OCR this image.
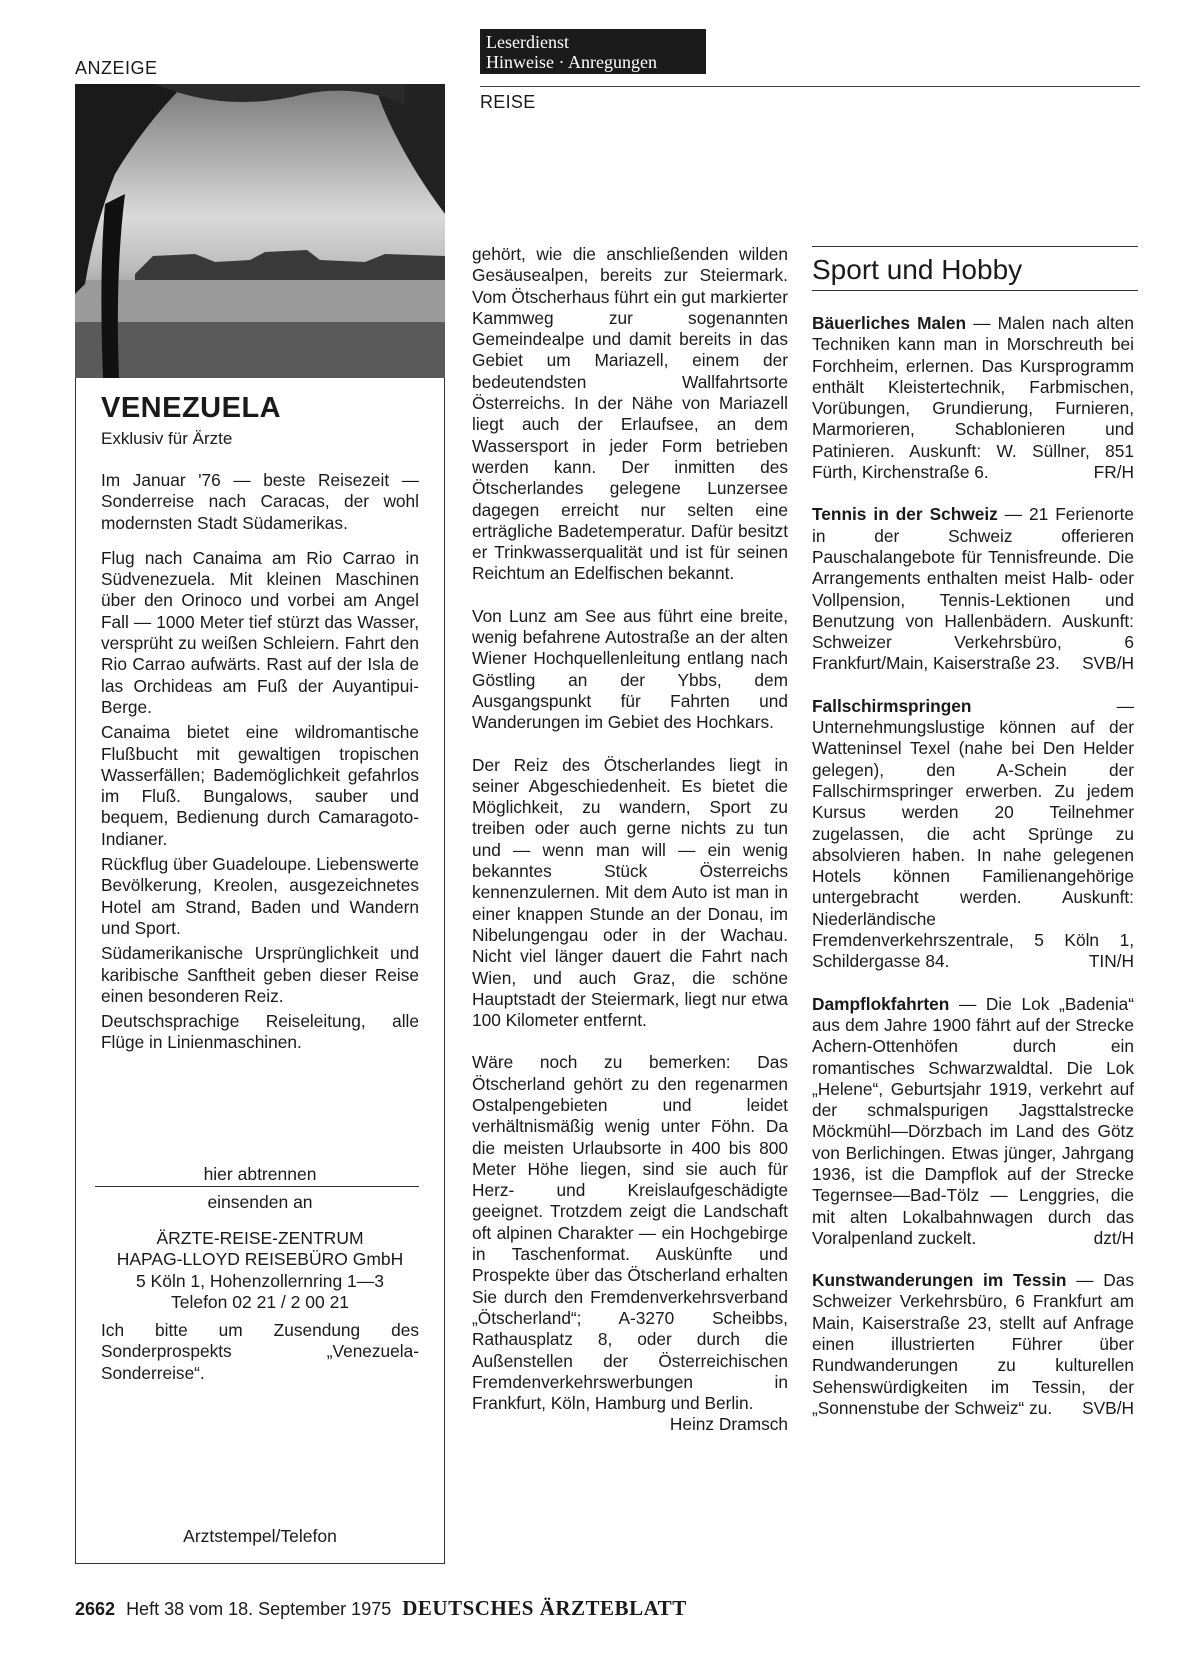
ANZEIGE
Leserdienst
Hinweise · Anregungen
REISE
VENEZUELA
Exklusiv für Ärzte

Im Januar '76 — beste Reisezeit — Sonderreise nach Caracas, der wohl modernsten Stadt Südamerikas.

Flug nach Canaima am Rio Carrao in Südvenezuela. Mit kleinen Maschinen über den Orinoco und vorbei am Angel Fall — 1000 Meter tief stürzt das Wasser, versprüht zu weißen Schleiern. Fahrt den Rio Carrao aufwärts. Rast auf der Isla de las Orchideas am Fuß der Auyantipui-Berge.

Canaima bietet eine wildromantische Flußbucht mit gewaltigen tropischen Wasserfällen; Bademöglichkeit gefahrlos im Fluß. Bungalows, sauber und bequem, Bedienung durch Camaragoto-Indianer.

Rückflug über Guadeloupe. Liebenswerte Bevölkerung, Kreolen, ausgezeichnetes Hotel am Strand, Baden und Wandern und Sport.

Südamerikanische Ursprünglichkeit und karibische Sanftheit geben dieser Reise einen besonderen Reiz.

Deutschsprachige Reiseleitung, alle Flüge in Linienmaschinen.

hier abtrennen
einsenden an
ÄRZTE-REISE-ZENTRUM
HAPAG-LLOYD REISEBÜRO GmbH
5 Köln 1, Hohenzollernring 1—3
Telefon 02 21 / 2 00 21
Ich bitte um Zusendung des Sonderprospekts „Venezuela-Sonderreise“.
Arztstempel/Telefon

gehört, wie die anschließenden wilden Gesäusealpen, bereits zur Steiermark. Vom Ötscherhaus führt ein gut markierter Kammweg zur sogenannten Gemeindealpe und damit bereits in das Gebiet um Mariazell, einem der bedeutendsten Wallfahrtsorte Österreichs. In der Nähe von Mariazell liegt auch der Erlaufsee, an dem Wassersport in jeder Form betrieben werden kann. Der inmitten des Ötscherlandes gelegene Lunzersee dagegen erreicht nur selten eine erträgliche Badetemperatur. Dafür besitzt er Trinkwasserqualität und ist für seinen Reichtum an Edelfischen bekannt.

Von Lunz am See aus führt eine breite, wenig befahrene Autostraße an der alten Wiener Hochquellenleitung entlang nach Göstling an der Ybbs, dem Ausgangspunkt für Fahrten und Wanderungen im Gebiet des Hochkars.

Der Reiz des Ötscherlandes liegt in seiner Abgeschiedenheit. Es bietet die Möglichkeit, zu wandern, Sport zu treiben oder auch gerne nichts zu tun und — wenn man will — ein wenig bekanntes Stück Österreichs kennenzulernen. Mit dem Auto ist man in einer knappen Stunde an der Donau, im Nibelungengau oder in der Wachau. Nicht viel länger dauert die Fahrt nach Wien, und auch Graz, die schöne Hauptstadt der Steiermark, liegt nur etwa 100 Kilometer entfernt.

Wäre noch zu bemerken: Das Ötscherland gehört zu den regenarmen Ostalpengebieten und leidet verhältnismäßig wenig unter Föhn. Da die meisten Urlaubsorte in 400 bis 800 Meter Höhe liegen, sind sie auch für Herz- und Kreislaufgeschädigte geeignet. Trotzdem zeigt die Landschaft oft alpinen Charakter — ein Hochgebirge in Taschenformat. Auskünfte und Prospekte über das Ötscherland erhalten Sie durch den Fremdenverkehrsverband „Ötscherland“; A-3270 Scheibbs, Rathausplatz 8, oder durch die Außenstellen der Österreichischen Fremdenverkehrswerbungen in Frankfurt, Köln, Hamburg und Berlin.
Heinz Dramsch

Sport und Hobby

Bäuerliches Malen — Malen nach alten Techniken kann man in Morschreuth bei Forchheim, erlernen. Das Kursprogramm enthält Kleistertechnik, Farbmischen, Vorübungen, Grundierung, Furnieren, Marmorieren, Schablonieren und Patinieren. Auskunft: W. Süllner, 851 Fürth, Kirchenstraße 6.	FR/H

Tennis in der Schweiz — 21 Ferienorte in der Schweiz offerieren Pauschalangebote für Tennisfreunde. Die Arrangements enthalten meist Halb- oder Vollpension, Tennis-Lektionen und Benutzung von Hallenbädern. Auskunft: Schweizer Verkehrsbüro, 6 Frankfurt/Main, Kaiserstraße 23. SVB/H

Fallschirmspringen — Unternehmungslustige können auf der Watteninsel Texel (nahe bei Den Helder gelegen), den A-Schein der Fallschirmspringer erwerben. Zu jedem Kursus werden 20 Teilnehmer zugelassen, die acht Sprünge zu absolvieren haben. In nahe gelegenen Hotels können Familienangehörige untergebracht werden. Auskunft: Niederländische Fremdenverkehrszentrale, 5 Köln 1, Schildergasse 84.	TIN/H

Dampflokfahrten — Die Lok „Badenia“ aus dem Jahre 1900 fährt auf der Strecke Achern-Ottenhöfen durch ein romantisches Schwarzwaldtal. Die Lok „Helene“, Geburtsjahr 1919, verkehrt auf der schmalspurigen Jagsttalstrecke Möckmühl—Dörzbach im Land des Götz von Berlichingen. Etwas jünger, Jahrgang 1936, ist die Dampflok auf der Strecke Tegernsee—Bad-Tölz — Lenggries, die mit alten Lokalbahnwagen durch das Voralpenland zuckelt.	dzt/H

Kunstwanderungen im Tessin — Das Schweizer Verkehrsbüro, 6 Frankfurt am Main, Kaiserstraße 23, stellt auf Anfrage einen illustrierten Führer über Rundwanderungen zu kulturellen Sehenswürdigkeiten im Tessin, der „Sonnenstube der Schweiz“ zu. SVB/H

2662 Heft 38 vom 18. September 1975 DEUTSCHES ÄRZTEBLATT
